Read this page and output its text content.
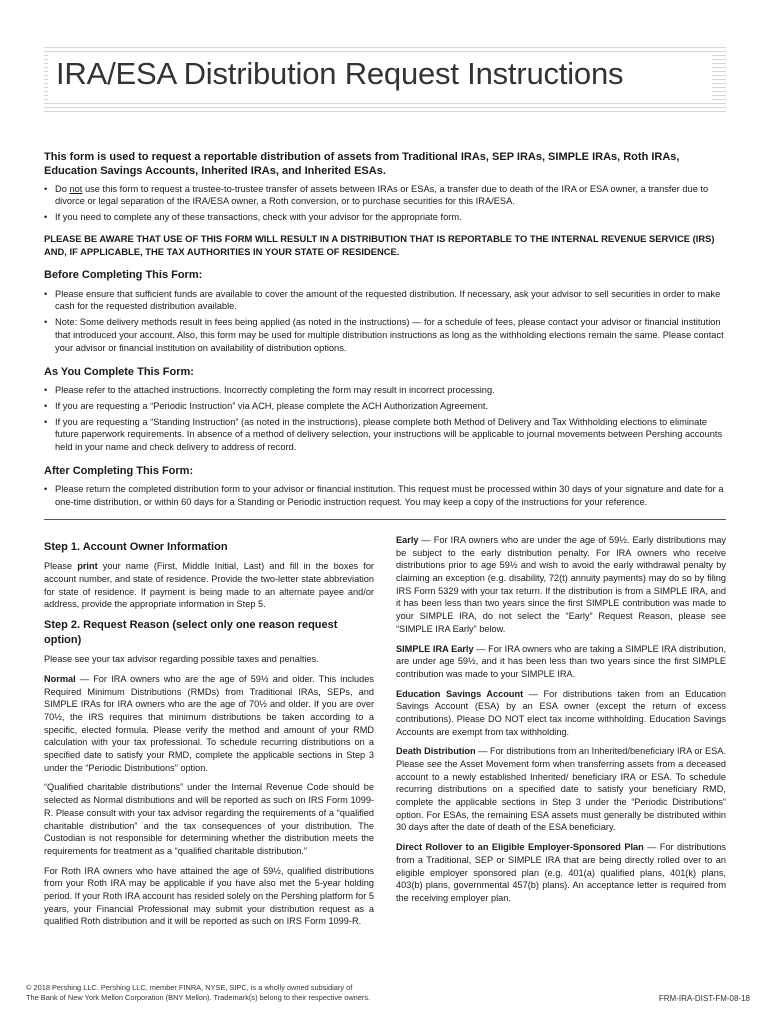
IRA/ESA Distribution Request Instructions

This form is used to request a reportable distribution of assets from Traditional IRAs, SEP IRAs, SIMPLE IRAs, Roth IRAs, Education Savings Accounts, Inherited IRAs, and Inherited ESAs.

• Do not use this form to request a trustee-to-trustee transfer of assets between IRAs or ESAs, a transfer due to death of the IRA or ESA owner, a transfer due to divorce or legal separation of the IRA/ESA owner, a Roth conversion, or to purchase securities for this IRA/ESA.
• If you need to complete any of these transactions, check with your advisor for the appropriate form.

PLEASE BE AWARE THAT USE OF THIS FORM WILL RESULT IN A DISTRIBUTION THAT IS REPORTABLE TO THE INTERNAL REVENUE SERVICE (IRS) AND, IF APPLICABLE, THE TAX AUTHORITIES IN YOUR STATE OF RESIDENCE.

Before Completing This Form:
• Please ensure that sufficient funds are available to cover the amount of the requested distribution. If necessary, ask your advisor to sell securities in order to make cash for the requested distribution available.
• Note: Some delivery methods result in fees being applied (as noted in the instructions) — for a schedule of fees, please contact your advisor or financial institution that introduced your account. Also, this form may be used for multiple distribution instructions as long as the withholding elections remain the same. Please contact your advisor or financial institution on availability of distribution options.
As You Complete This Form:
• Please refer to the attached instructions. Incorrectly completing the form may result in incorrect processing.
• If you are requesting a “Periodic Instruction” via ACH, please complete the ACH Authorization Agreement.
• If you are requesting a “Standing Instruction” (as noted in the instructions), please complete both Method of Delivery and Tax Withholding elections to eliminate future paperwork requirements. In absence of a method of delivery selection, your instructions will be applicable to journal movements between Pershing accounts held in your name and check delivery to address of record.
After Completing This Form:
• Please return the completed distribution form to your advisor or financial institution. This request must be processed within 30 days of your signature and date for a one-time distribution, or within 60 days for a Standing or Periodic instruction request. You may keep a copy of the instructions for your reference.
Step 1. Account Owner Information

Please print your name (First, Middle Initial, Last) and fill in the boxes for account number, and state of residence. Provide the two-letter state abbreviation for state of residence. If payment is being made to an alternate payee and/or address, provide the appropriate information in Step 5.

Step 2. Request Reason (select only one reason request option)

Please see your tax advisor regarding possible taxes and penalties.

Normal — For IRA owners who are the age of 59½ and older. This includes Required Minimum Distributions (RMDs) from Traditional IRAs, SEPs, and SIMPLE IRAs for IRA owners who are the age of 70½ and older. If you are over 70½, the IRS requires that minimum distributions be taken according to a specific, elected formula. Please verify the method and amount of your RMD calculation with your tax professional. To schedule recurring distributions on a specified date to satisfy your RMD, complete the applicable sections in Step 3 under the “Periodic Distributions” option.

“Qualified charitable distributions” under the Internal Revenue Code should be selected as Normal distributions and will be reported as such on IRS Form 1099-R. Please consult with your tax advisor regarding the requirements of a “qualified charitable distribution” and the tax consequences of your distribution. The Custodian is not responsible for determining whether the distribution meets the requirements for treatment as a “qualified charitable distribution.”

For Roth IRA owners who have attained the age of 59½, qualified distributions from your Roth IRA may be applicable if you have also met the 5-year holding period. If your Roth IRA account has resided solely on the Pershing platform for 5 years, your Financial Professional may submit your distribution request as a qualified Roth distribution and it will be reported as such on IRS Form 1099-R.

Early — For IRA owners who are under the age of 59½. Early distributions may be subject to the early distribution penalty. For IRA owners who receive distributions prior to age 59½ and wish to avoid the early withdrawal penalty by claiming an exception (e.g. disability, 72(t) annuity payments) may do so by filing IRS Form 5329 with your tax return. If the distribution is from a SIMPLE IRA, and it has been less than two years since the first SIMPLE contribution was made to your SIMPLE IRA, do not select the “Early” Request Reason, please see “SIMPLE IRA Early” below.

SIMPLE IRA Early — For IRA owners who are taking a SIMPLE IRA distribution, are under age 59½, and it has been less than two years since the first SIMPLE contribution was made to your SIMPLE IRA.

Education Savings Account — For distributions taken from an Education Savings Account (ESA) by an ESA owner (except the return of excess contributions). Please DO NOT elect tax income withholding. Education Savings Accounts are exempt from tax withholding.

Death Distribution — For distributions from an Inherited/beneficiary IRA or ESA. Please see the Asset Movement form when transferring assets from a deceased account to a newly established Inherited/ beneficiary IRA or ESA. To schedule recurring distributions on a specified date to satisfy your beneficiary RMD, complete the applicable sections in Step 3 under the “Periodic Distributions” option. For ESAs, the remaining ESA assets must generally be distributed within 30 days after the date of death of the ESA beneficiary.

Direct Rollover to an Eligible Employer-Sponsored Plan — For distributions from a Traditional, SEP or SIMPLE IRA that are being directly rolled over to an eligible employer sponsored plan (e.g. 401(a) qualified plans, 401(k) plans, 403(b) plans, governmental 457(b) plans). An acceptance letter is required from the receiving employer plan.

© 2018 Pershing LLC. Pershing LLC, member FINRA, NYSE, SIPC, is a wholly owned subsidiary of
The Bank of New York Mellon Corporation (BNY Mellon). Trademark(s) belong to their respective owners.	FRM-IRA-DIST-FM-08-18
